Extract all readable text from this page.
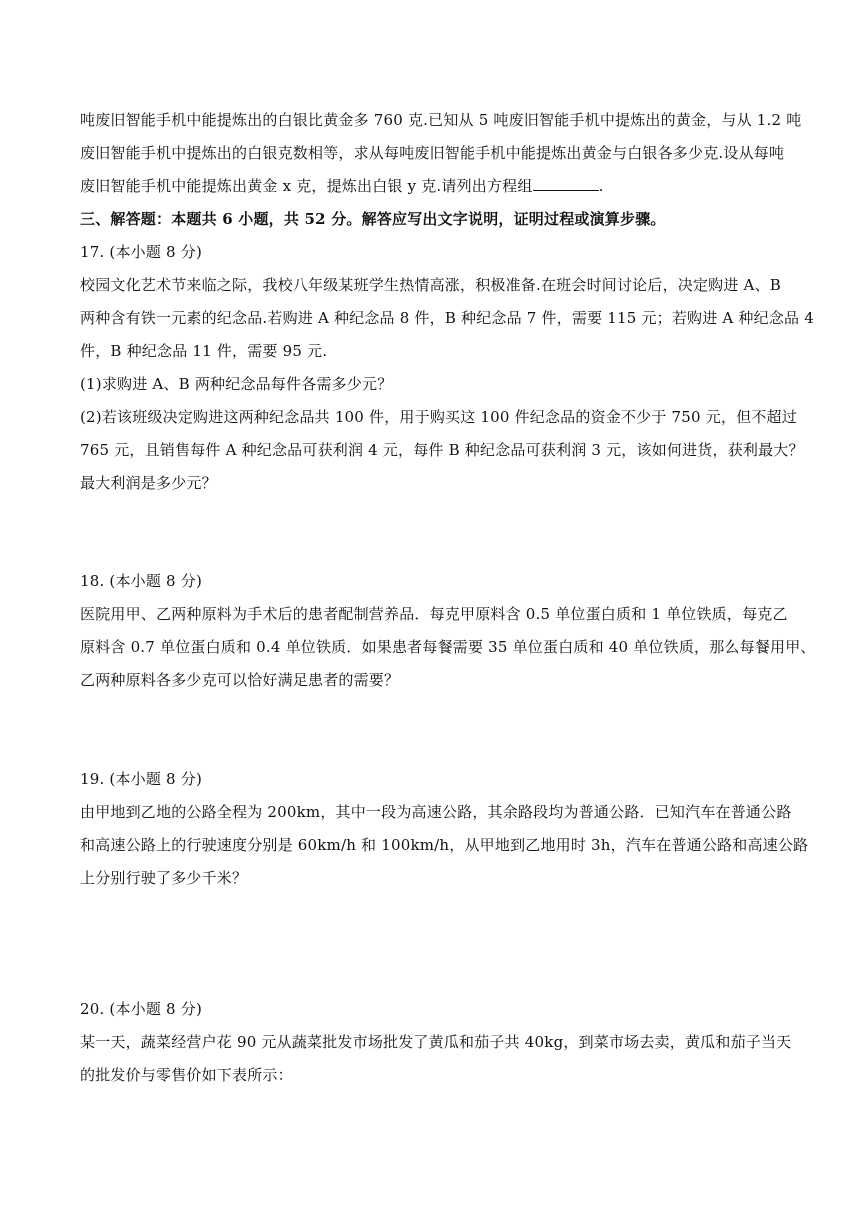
吨废旧智能手机中能提炼出的白银比黄金多 760 克.已知从 5 吨废旧智能手机中提炼出的黄金，与从 1.2 吨
废旧智能手机中提炼出的白银克数相等，求从每吨废旧智能手机中能提炼出黄金与白银各多少克.设从每吨
废旧智能手机中能提炼出黄金 x 克，提炼出白银 y 克.请列出方程组	.
三、解答题：本题共 6 小题，共 52 分。解答应写出文字说明，证明过程或演算步骤。
17. (本小题 8 分)
校园文化艺术节来临之际，我校八年级某班学生热情高涨，积极准备.在班会时间讨论后，决定购进 A、B
两种含有铁一元素的纪念品.若购进 A 种纪念品 8 件，B 种纪念品 7 件，需要 115 元；若购进 A 种纪念品 4
件，B 种纪念品 11 件，需要 95 元.
(1)求购进 A、B 两种纪念品每件各需多少元？
(2)若该班级决定购进这两种纪念品共 100 件，用于购买这 100 件纪念品的资金不少于 750 元，但不超过
765 元，且销售每件 A 种纪念品可获利润 4 元，每件 B 种纪念品可获利润 3 元，该如何进货，获利最大？
最大利润是多少元？
18. (本小题 8 分)
医院用甲、乙两种原料为手术后的患者配制营养品．每克甲原料含 0.5 单位蛋白质和 1 单位铁质，每克乙
原料含 0.7 单位蛋白质和 0.4 单位铁质．如果患者每餐需要 35 单位蛋白质和 40 单位铁质，那么每餐用甲、
乙两种原料各多少克可以恰好满足患者的需要？
19. (本小题 8 分)
由甲地到乙地的公路全程为 200km，其中一段为高速公路，其余路段均为普通公路．已知汽车在普通公路
和高速公路上的行驶速度分别是 60km/h 和 100km/h，从甲地到乙地用时 3h，汽车在普通公路和高速公路
上分别行驶了多少千米？
20. (本小题 8 分)
某一天，蔬菜经营户花 90 元从蔬菜批发市场批发了黄瓜和茄子共 40kg，到菜市场去卖，黄瓜和茄子当天
的批发价与零售价如下表所示：
